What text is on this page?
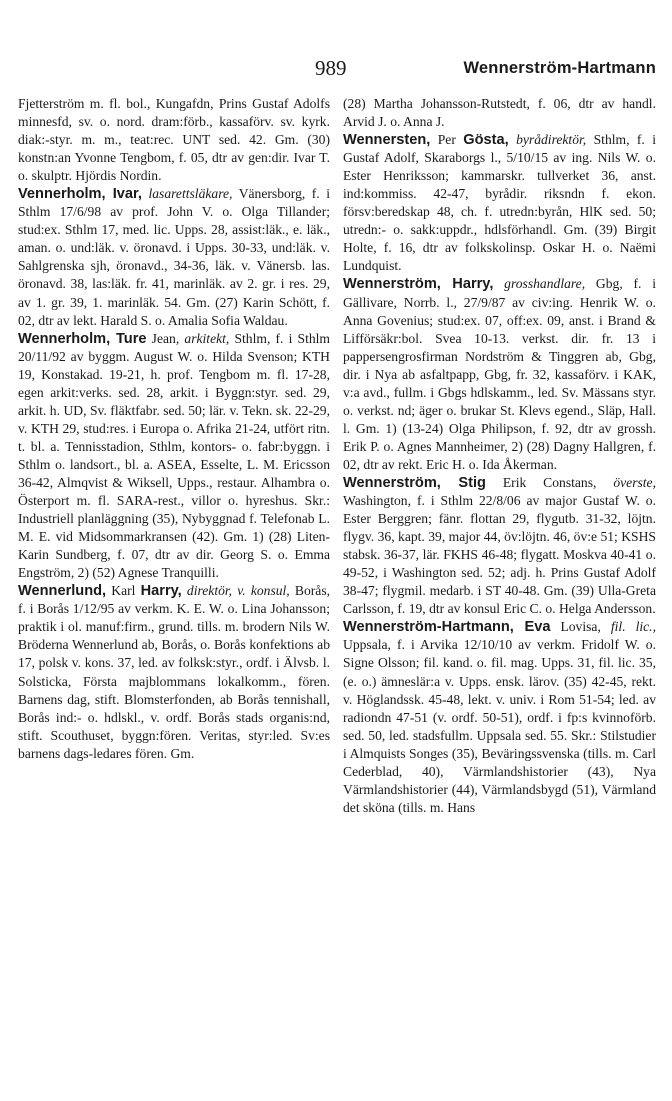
989	Wennerström-Hartmann

Fjetterström m. fl. bol., Kungafdn, Prins Gustaf Adolfs minnesfd, sv. o. nord. dram:förb., kassaförv. sv. kyrk. diak:-styr. m. m., teat:rec. UNT sed. 42. Gm. (30) konstn:an Yvonne Tengbom, f. 05, dtr av gen:dir. Ivar T. o. skulptr. Hjördis Nordin.

Vennerholm, Ivar, lasarettsläkare, Vänersborg, f. i Sthlm 17/6/98 av prof. John V. o. Olga Tillander; stud:ex. Sthlm 17, med. lic. Upps. 28, assist:läk., e. läk., aman. o. und:läk. v. öronavd. i Upps. 30-33, und:läk. v. Sahlgrenska sjh, öronavd., 34-36, läk. v. Vänersb. las. öronavd. 38, las:läk. fr. 41, marinläk. av 2. gr. i res. 29, av 1. gr. 39, 1. marinläk. 54. Gm. (27) Karin Schött, f. 02, dtr av lekt. Harald S. o. Amalia Sofia Waldau.

Wennerholm, Ture Jean, arkitekt, Sthlm, f. i Sthlm 20/11/92 av byggm. August W. o. Hilda Svenson; KTH 19, Konstakad. 19-21, h. prof. Tengbom m. fl. 17-28, egen arkit:verks. sed. 28, arkit. i Byggn:styr. sed. 29, arkit. h. UD, Sv. fläktfabr. sed. 50; lär. v. Tekn. sk. 22-29, v. KTH 29, stud:res. i Europa o. Afrika 21-24, utfört ritn. t. bl. a. Tennisstadion, Sthlm, kontors- o. fabr:byggn. i Sthlm o. landsort., bl. a. ASEA, Esselte, L. M. Ericsson 36-42, Almqvist & Wiksell, Upps., restaur. Alhambra o. Österport m. fl. SARA-rest., villor o. hyreshus. Skr.: Industriell planläggning (35), Nybyggnad f. Telefonab L. M. E. vid Midsommarkransen (42). Gm. 1) (28) Liten-Karin Sundberg, f. 07, dtr av dir. Georg S. o. Emma Engström, 2) (52) Agnese Tranquilli.

Wennerlund, Karl Harry, direktör, v. konsul, Borås, f. i Borås 1/12/95 av verkm. K. E. W. o. Lina Johansson; praktik i ol. manuf:firm., grund. tills. m. brodern Nils W. Bröderna Wennerlund ab, Borås, o. Borås konfektions ab 17, polsk v. kons. 37, led. av folksk:styr., ordf. i Älvsb. l. Solsticka, Första majblommans lokalkomm., fören. Barnens dag, stift. Blomsterfonden, ab Borås tennishall, Borås ind:- o. hdlskl., v. ordf. Borås stads organis:nd, stift. Scouthuset, byggn:fören. Veritas, styr:led. Sv:es barnens dags-ledares fören. Gm.

(28) Martha Johansson-Rutstedt, f. 06, dtr av handl. Arvid J. o. Anna J.

Wennersten, Per Gösta, byrådirektör, Sthlm, f. i Gustaf Adolf, Skaraborgs l., 5/10/15 av ing. Nils W. o. Ester Henriksson; kammarskr. tullverket 36, anst. ind:kommiss. 42-47, byrådir. riksndn f. ekon. försv:beredskap 48, ch. f. utredn:byrån, HlK sed. 50; utredn:- o. sakk:uppdr., hdlsförhandl. Gm. (39) Birgit Holte, f. 16, dtr av folkskolinsp. Oskar H. o. Naëmi Lundquist.

Wennerström, Harry, grosshandlare, Gbg, f. i Gällivare, Norrb. l., 27/9/87 av civ:ing. Henrik W. o. Anna Govenius; stud:ex. 07, off:ex. 09, anst. i Brand & Lifförsäkr:bol. Svea 10-13. verkst. dir. fr. 13 i pappersengrosfirman Nordström & Tinggren ab, Gbg, dir. i Nya ab asfaltpapp, Gbg, fr. 32, kassaförv. i KAK, v:a avd., fullm. i Gbgs hdlskamm., led. Sv. Mässans styr. o. verkst. nd; äger o. brukar St. Klevs egend., Släp, Hall. l. Gm. 1) (13-24) Olga Philipson, f. 92, dtr av grossh. Erik P. o. Agnes Mannheimer, 2) (28) Dagny Hallgren, f. 02, dtr av rekt. Eric H. o. Ida Åkerman.

Wennerström, Stig Erik Constans, överste, Washington, f. i Sthlm 22/8/06 av major Gustaf W. o. Ester Berggren; fänr. flottan 29, flygutb. 31-32, löjtn. flygv. 36, kapt. 39, major 44, öv:löjtn. 46, öv:e 51; KSHS stabsk. 36-37, lär. FKHS 46-48; flygatt. Moskva 40-41 o. 49-52, i Washington sed. 52; adj. h. Prins Gustaf Adolf 38-47; flygmil. medarb. i ST 40-48. Gm. (39) Ulla-Greta Carlsson, f. 19, dtr av konsul Eric C. o. Helga Andersson.

Wennerström-Hartmann, Eva Lovisa, fil. lic., Uppsala, f. i Arvika 12/10/10 av verkm. Fridolf W. o. Signe Olsson; fil. kand. o. fil. mag. Upps. 31, fil. lic. 35, (e. o.) ämneslär:a v. Upps. ensk. lärov. (35) 42-45, rekt. v. Höglandssk. 45-48, lekt. v. univ. i Rom 51-54; led. av radiondn 47-51 (v. ordf. 50-51), ordf. i fp:s kvinnoförb. sed. 50, led. stadsfullm. Uppsala sed. 55. Skr.: Stilstudier i Almquists Songes (35), Beväringssvenska (tills. m. Carl Cederblad, 40), Värmlandshistorier (43), Nya Värmlandshistorier (44), Värmlandsbygd (51), Värmland det sköna (tills. m. Hans
